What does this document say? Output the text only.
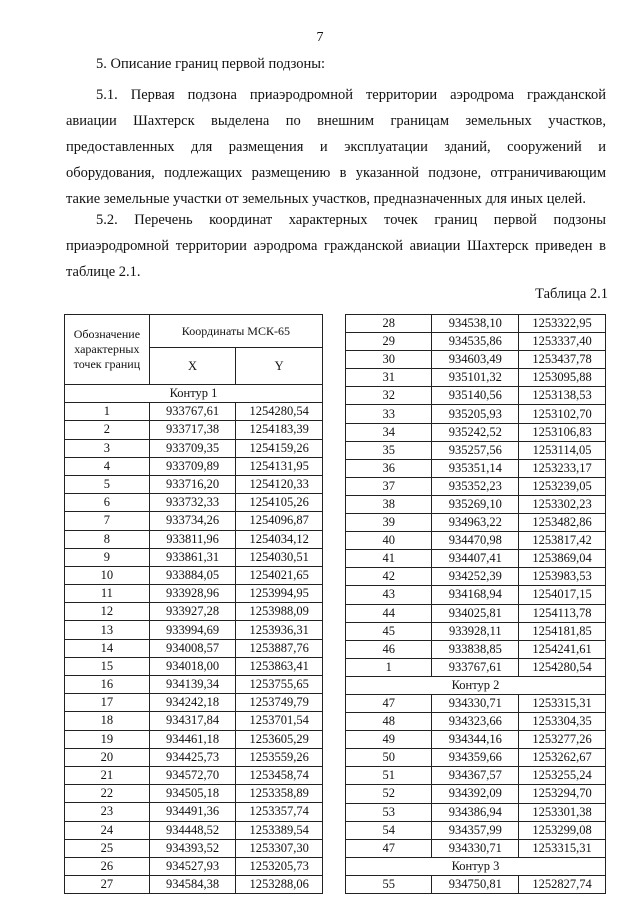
7
5. Описание границ первой подзоны:
5.1. Первая подзона приаэродромной территории аэродрома гражданской
авиации Шахтерск выделена по внешним границам земельных участков,
предоставленных для размещения и эксплуатации зданий, сооружений и
оборудования, подлежащих размещению в указанной подзоне, отграничивающим
такие земельные участки от земельных участков, предназначенных для иных целей.
5.2. Перечень координат характерных точек границ первой подзоны
приаэродромной территории аэродрома гражданской авиации Шахтерск приведен в
таблице 2.1.
Таблица 2.1
Обозначение характерных точек границ	Координаты МСК-65	
	X	Y
Контур 1		
1	933767,61	1254280,54
2	933717,38	1254183,39
3	933709,35	1254159,26
4	933709,89	1254131,95
5	933716,20	1254120,33
6	933732,33	1254105,26
7	933734,26	1254096,87
8	933811,96	1254034,12
9	933861,31	1254030,51
10	933884,05	1254021,65
11	933928,96	1253994,95
12	933927,28	1253988,09
13	933994,69	1253936,31
14	934008,57	1253887,76
15	934018,00	1253863,41
16	934139,34	1253755,65
17	934242,18	1253749,79
18	934317,84	1253701,54
19	934461,18	1253605,29
20	934425,73	1253559,26
21	934572,70	1253458,74
22	934505,18	1253358,89
23	934491,36	1253357,74
24	934448,52	1253389,54
25	934393,52	1253307,30
26	934527,93	1253205,73
27	934584,38	1253288,06
28	934538,10	1253322,95
29	934535,86	1253337,40
30	934603,49	1253437,78
31	935101,32	1253095,88
32	935140,56	1253138,53
33	935205,93	1253102,70
34	935242,52	1253106,83
35	935257,56	1253114,05
36	935351,14	1253233,17
37	935352,23	1253239,05
38	935269,10	1253302,23
39	934963,22	1253482,86
40	934470,98	1253817,42
41	934407,41	1253869,04
42	934252,39	1253983,53
43	934168,94	1254017,15
44	934025,81	1254113,78
45	933928,11	1254181,85
46	933838,85	1254241,61
1	933767,61	1254280,54
Контур 2		
47	934330,71	1253315,31
48	934323,66	1253304,35
49	934344,16	1253277,26
50	934359,66	1253262,67
51	934367,57	1253255,24
52	934392,09	1253294,70
53	934386,94	1253301,38
54	934357,99	1253299,08
47	934330,71	1253315,31
Контур 3		
55	934750,81	1252827,74
